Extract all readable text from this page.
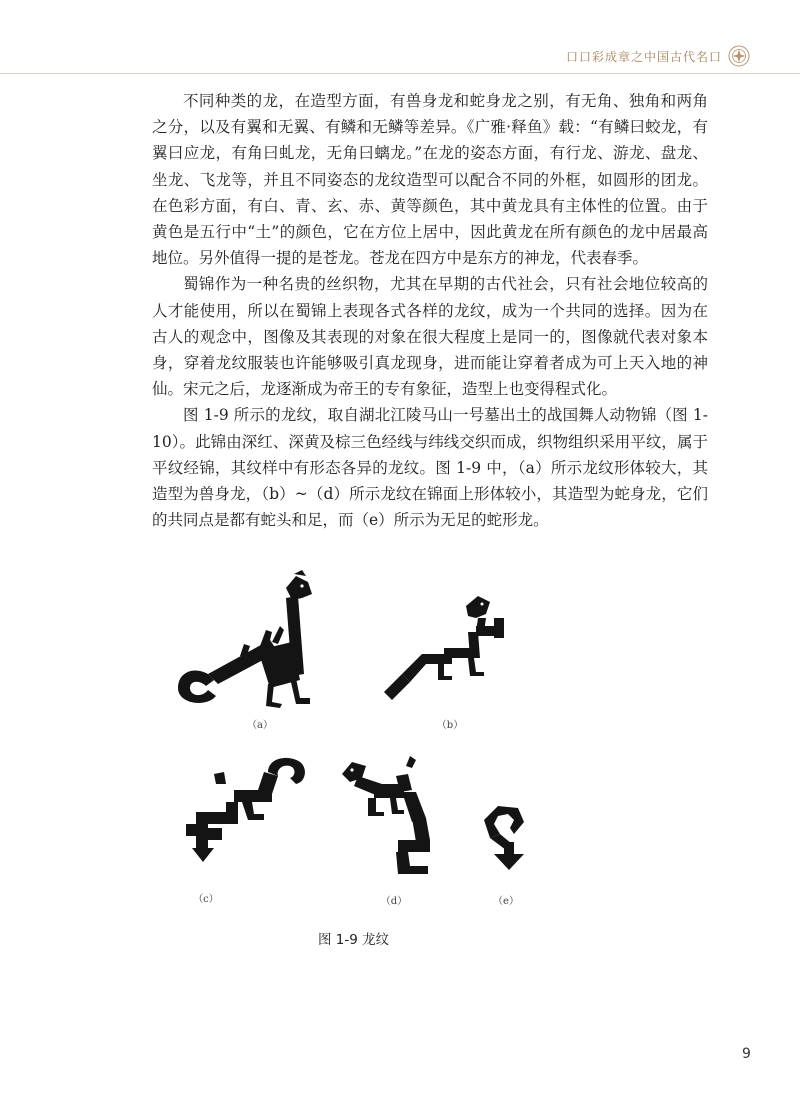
口口彩成章之中国古代名口

不同种类的龙，在造型方面，有兽身龙和蛇身龙之别，有无角、独角和两角之分，以及有翼和无翼、有鳞和无鳞等差异。《广雅·释鱼》载：“有鳞曰蛟龙，有翼曰应龙，有角曰虬龙，无角曰螭龙。”在龙的姿态方面，有行龙、游龙、盘龙、坐龙、飞龙等，并且不同姿态的龙纹造型可以配合不同的外框，如圆形的团龙。在色彩方面，有白、青、玄、赤、黄等颜色，其中黄龙具有主体性的位置。由于黄色是五行中“土”的颜色，它在方位上居中，因此黄龙在所有颜色的龙中居最高地位。另外值得一提的是苍龙。苍龙在四方中是东方的神龙，代表春季。

蜀锦作为一种名贵的丝织物，尤其在早期的古代社会，只有社会地位较高的人才能使用，所以在蜀锦上表现各式各样的龙纹，成为一个共同的选择。因为在古人的观念中，图像及其表现的对象在很大程度上是同一的，图像就代表对象本身，穿着龙纹服装也许能够吸引真龙现身，进而能让穿着者成为可上天入地的神仙。宋元之后，龙逐渐成为帝王的专有象征，造型上也变得程式化。

图 1-9 所示的龙纹，取自湖北江陵马山一号墓出土的战国舞人动物锦（图 1-10）。此锦由深红、深黄及棕三色经线与纬线交织而成，织物组织采用平纹，属于平纹经锦，其纹样中有形态各异的龙纹。图 1-9 中，（a）所示龙纹形体较大，其造型为兽身龙，（b）~（d）所示龙纹在锦面上形体较小，其造型为蛇身龙，它们的共同点是都有蛇头和足，而（e）所示为无足的蛇形龙。

（a）	（b）
（c）	（d）	（e）
图 1-9 龙纹
9
